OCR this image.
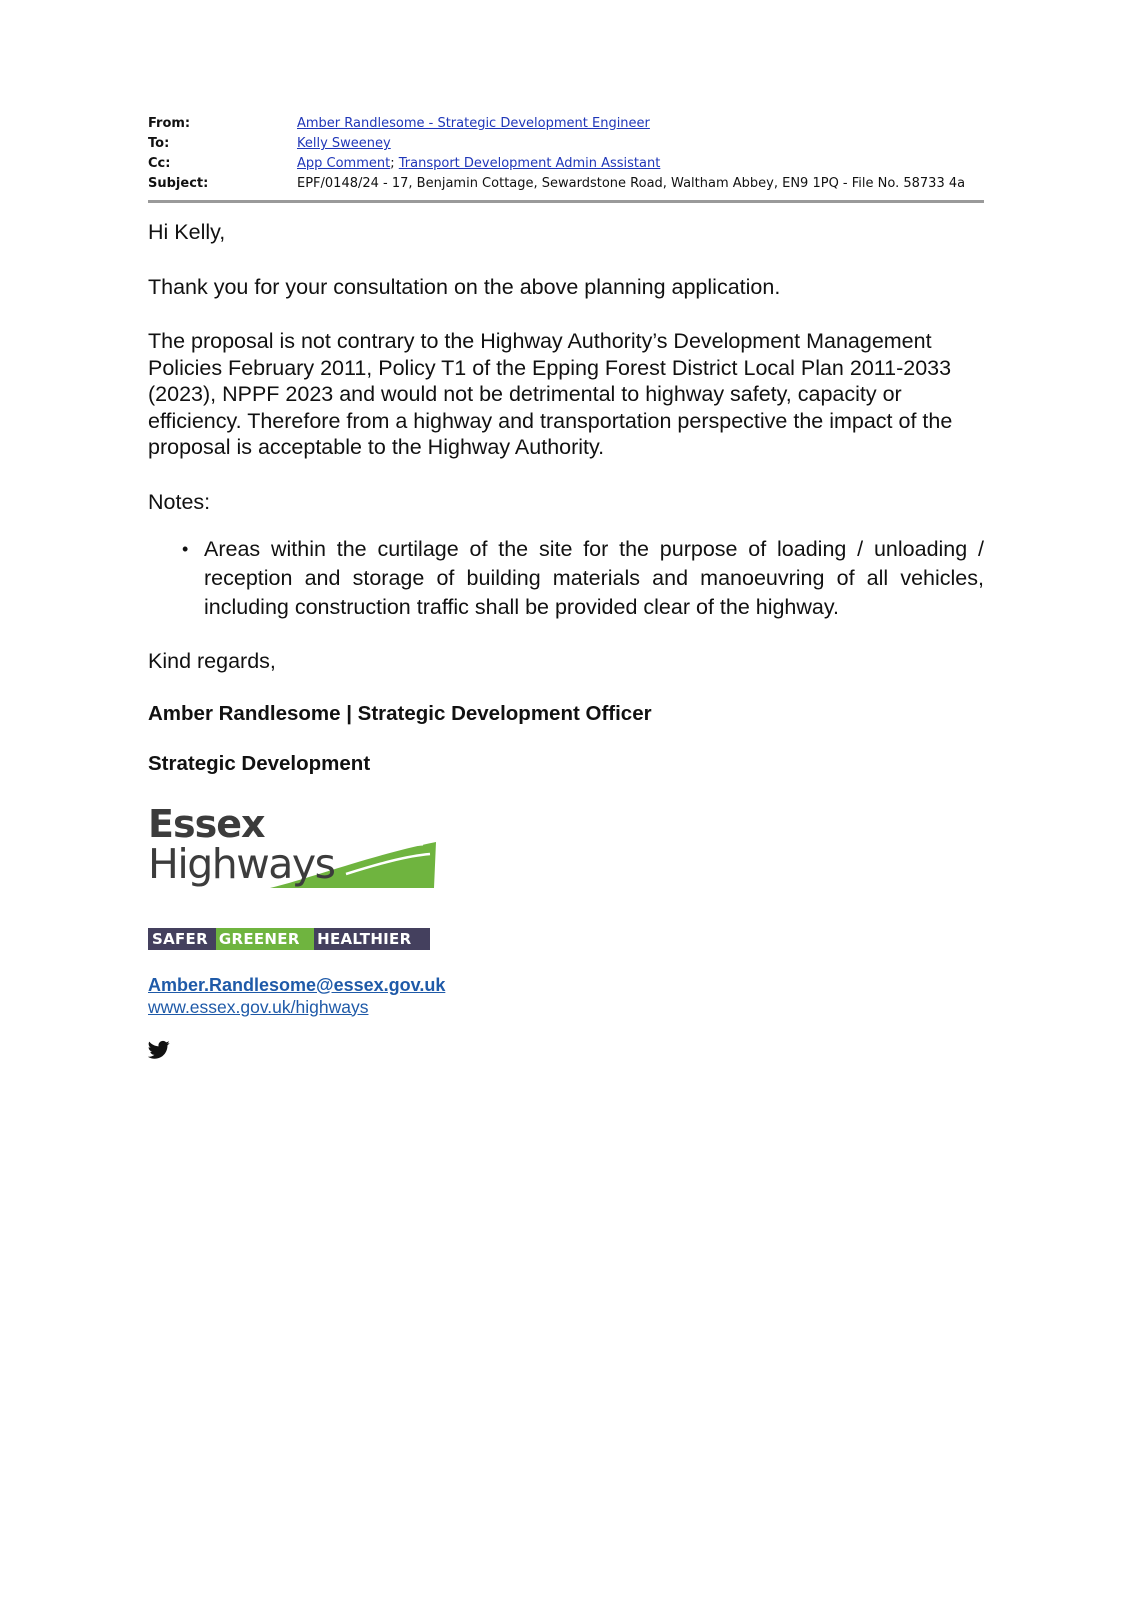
From:	Amber Randlesome - Strategic Development Engineer
To:	Kelly Sweeney
Cc:	App Comment; Transport Development Admin Assistant
Subject:	EPF/0148/24 - 17, Benjamin Cottage, Sewardstone Road, Waltham Abbey, EN9 1PQ - File No. 58733 4a
Hi Kelly,
Thank you for your consultation on the above planning application.
The proposal is not contrary to the Highway Authority’s Development Management Policies February 2011, Policy T1 of the Epping Forest District Local Plan 2011-2033 (2023), NPPF 2023 and would not be detrimental to highway safety, capacity or efficiency. Therefore from a highway and transportation perspective the impact of the proposal is acceptable to the Highway Authority.
Notes:
• Areas within the curtilage of the site for the purpose of loading / unloading / reception and storage of building materials and manoeuvring of all vehicles, including construction traffic shall be provided clear of the highway.
Kind regards,
Amber Randlesome | Strategic Development Officer
Strategic Development
Essex
Highways
SAFER GREENER	HEALTHIER
Amber.Randlesome@essex.gov.uk
www.essex.gov.uk/highways
